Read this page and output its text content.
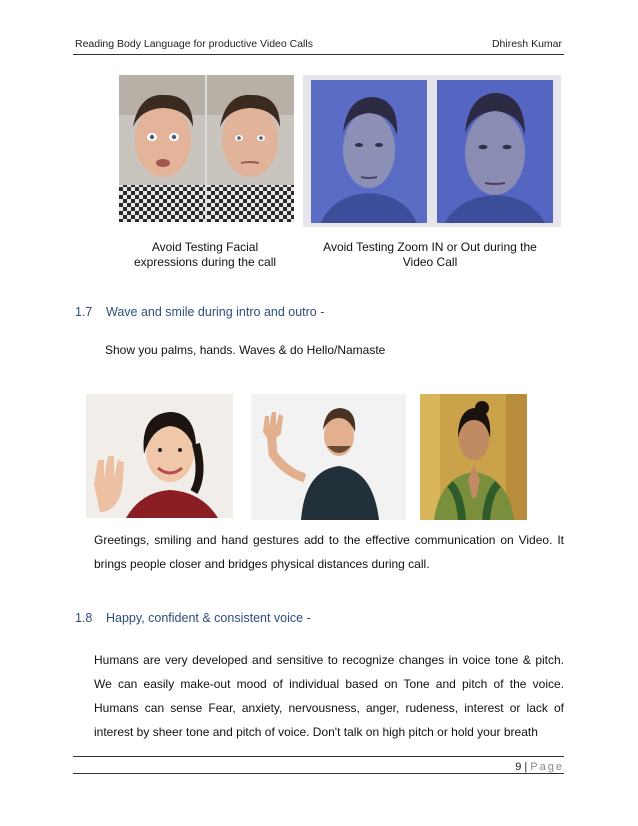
Reading Body Language for productive Video Calls	Dhiresh Kumar
Avoid Testing Facial expressions during the call
Avoid Testing Zoom IN or Out during the Video Call
1.7 Wave and smile during intro and outro -
Show you palms, hands. Waves & do Hello/Namaste
Greetings, smiling and hand gestures add to the effective communication on Video. It brings people closer and bridges physical distances during call.
1.8 Happy, confident & consistent voice -
Humans are very developed and sensitive to recognize changes in voice tone & pitch. We can easily make-out mood of individual based on Tone and pitch of the voice. Humans can sense Fear, anxiety, nervousness, anger, rudeness, interest or lack of interest by sheer tone and pitch of voice. Don't talk on high pitch or hold your breath
9 | Page
